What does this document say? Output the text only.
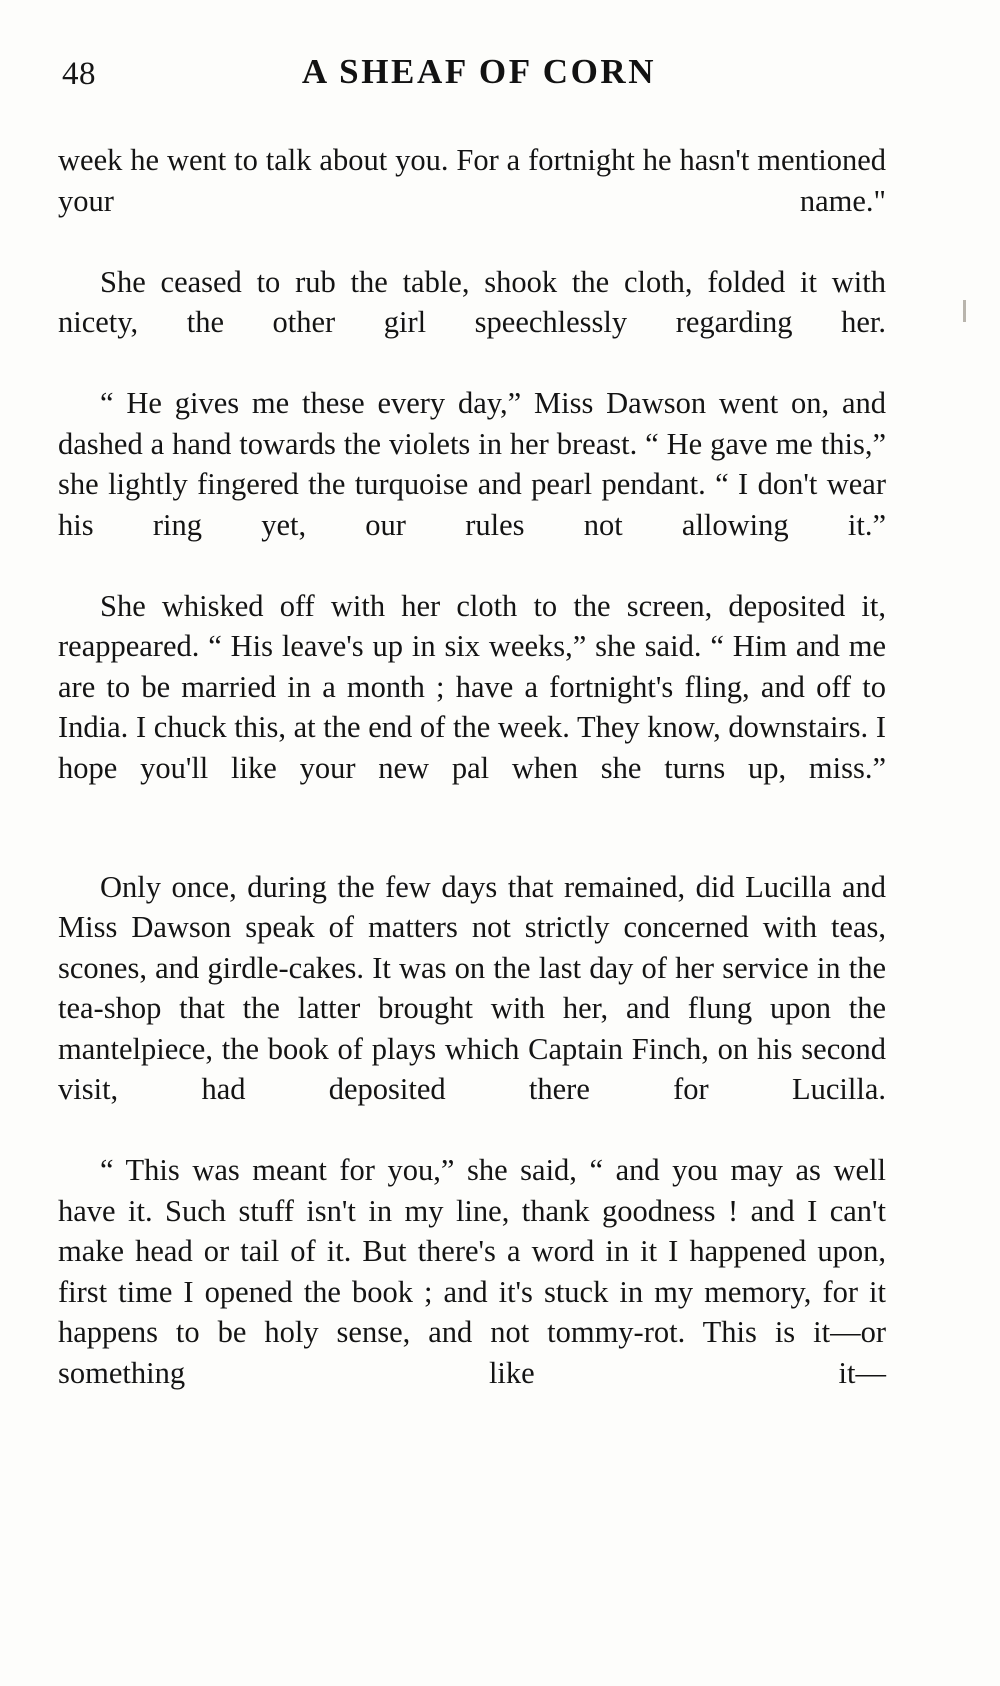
48	A SHEAF OF CORN

week he went to talk about you. For a fortnight he hasn't mentioned your name."

She ceased to rub the table, shook the cloth, folded it with nicety, the other girl speechlessly regarding her.

“ He gives me these every day,” Miss Dawson went on, and dashed a hand towards the violets in her breast. “ He gave me this,” she lightly fingered the turquoise and pearl pendant. “ I don't wear his ring yet, our rules not allowing it.”

She whisked off with her cloth to the screen, deposited it, reappeared. “ His leave's up in six weeks,” she said. “ Him and me are to be married in a month ; have a fortnight's fling, and off to India. I chuck this, at the end of the week. They know, downstairs. I hope you'll like your new pal when she turns up, miss.”

Only once, during the few days that remained, did Lucilla and Miss Dawson speak of matters not strictly concerned with teas, scones, and girdle-cakes. It was on the last day of her service in the tea-shop that the latter brought with her, and flung upon the mantelpiece, the book of plays which Captain Finch, on his second visit, had deposited there for Lucilla.

“ This was meant for you,” she said, “ and you may as well have it. Such stuff isn't in my line, thank goodness ! and I can't make head or tail of it. But there's a word in it I happened upon, first time I opened the book ; and it's stuck in my memory, for it happens to be holy sense, and not tommy-rot. This is it—or something like it—
